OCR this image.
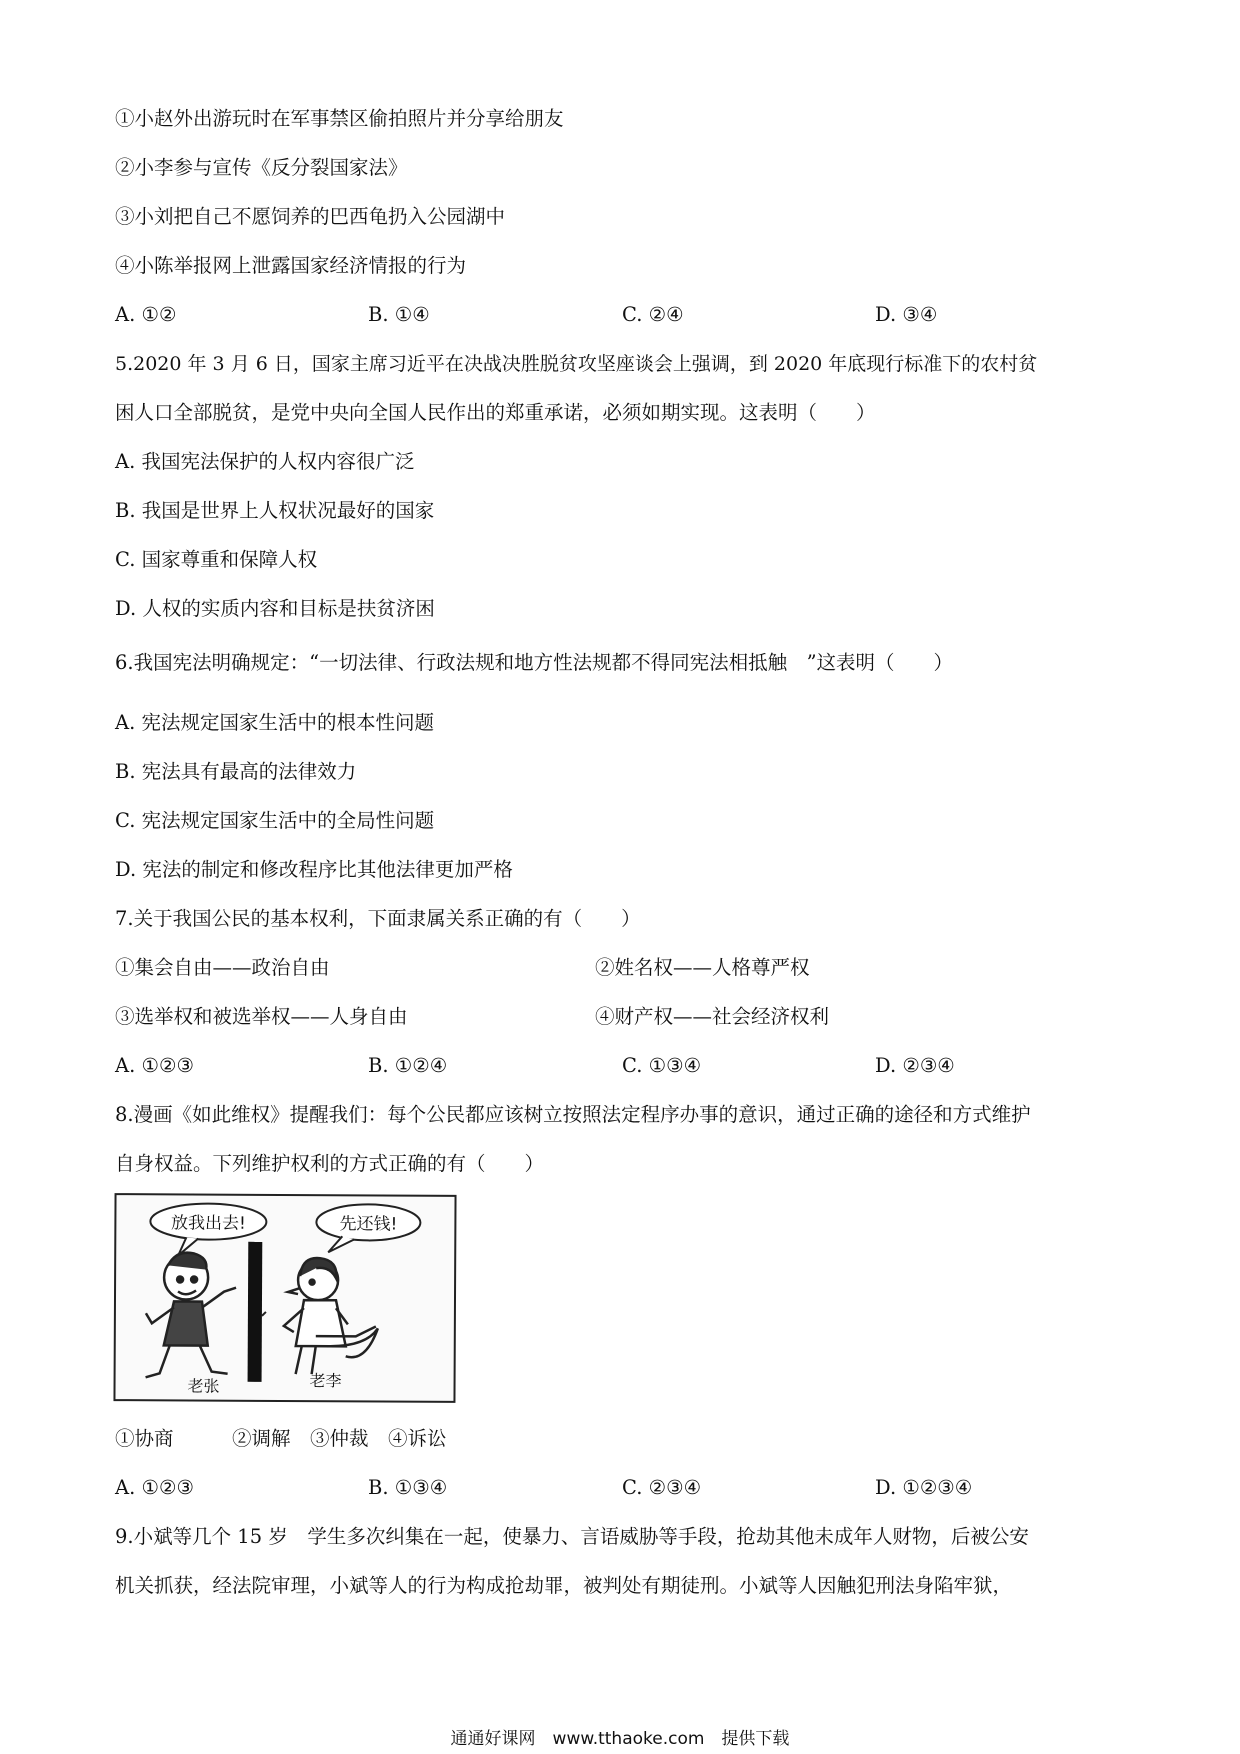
①小赵外出游玩时在军事禁区偷拍照片并分享给朋友
②小李参与宣传《反分裂国家法》
③小刘把自己不愿饲养的巴西龟扔入公园湖中
④小陈举报网上泄露国家经济情报的行为
A. ①②	B. ①④	C. ②④	D. ③④
5.2020 年 3 月 6 日，国家主席习近平在决战决胜脱贫攻坚座谈会上强调，到 2020 年底现行标准下的农村贫
困人口全部脱贫，是党中央向全国人民作出的郑重承诺，必须如期实现。这表明（　　）
A. 我国宪法保护的人权内容很广泛
B. 我国是世界上人权状况最好的国家
C. 国家尊重和保障人权
D. 人权的实质内容和目标是扶贫济困
6.我国宪法明确规定：“一切法律、行政法规和地方性法规都不得同宪法相抵触　”这表明（　　）
A. 宪法规定国家生活中的根本性问题
B. 宪法具有最高的法律效力
C. 宪法规定国家生活中的全局性问题
D. 宪法的制定和修改程序比其他法律更加严格
7.关于我国公民的基本权利，下面隶属关系正确的有（　　）
①集会自由——政治自由	②姓名权——人格尊严权
③选举权和被选举权——人身自由	④财产权——社会经济权利
A. ①②③	B. ①②④	C. ①③④	D. ②③④
8.漫画《如此维权》提醒我们：每个公民都应该树立按照法定程序办事的意识，通过正确的途径和方式维护
自身权益。下列维护权利的方式正确的有（　　）
放我出去!	先还钱!
老张	老李
①协商　　　②调解　③仲裁　④诉讼
A. ①②③	B. ①③④	C. ②③④	D. ①②③④
9.小斌等几个 15 岁　学生多次纠集在一起，使暴力、言语威胁等手段，抢劫其他未成年人财物，后被公安
机关抓获，经法院审理，小斌等人的行为构成抢劫罪，被判处有期徒刑。小斌等人因触犯刑法身陷牢狱，
通通好课网　www.tthaoke.com　提供下载
